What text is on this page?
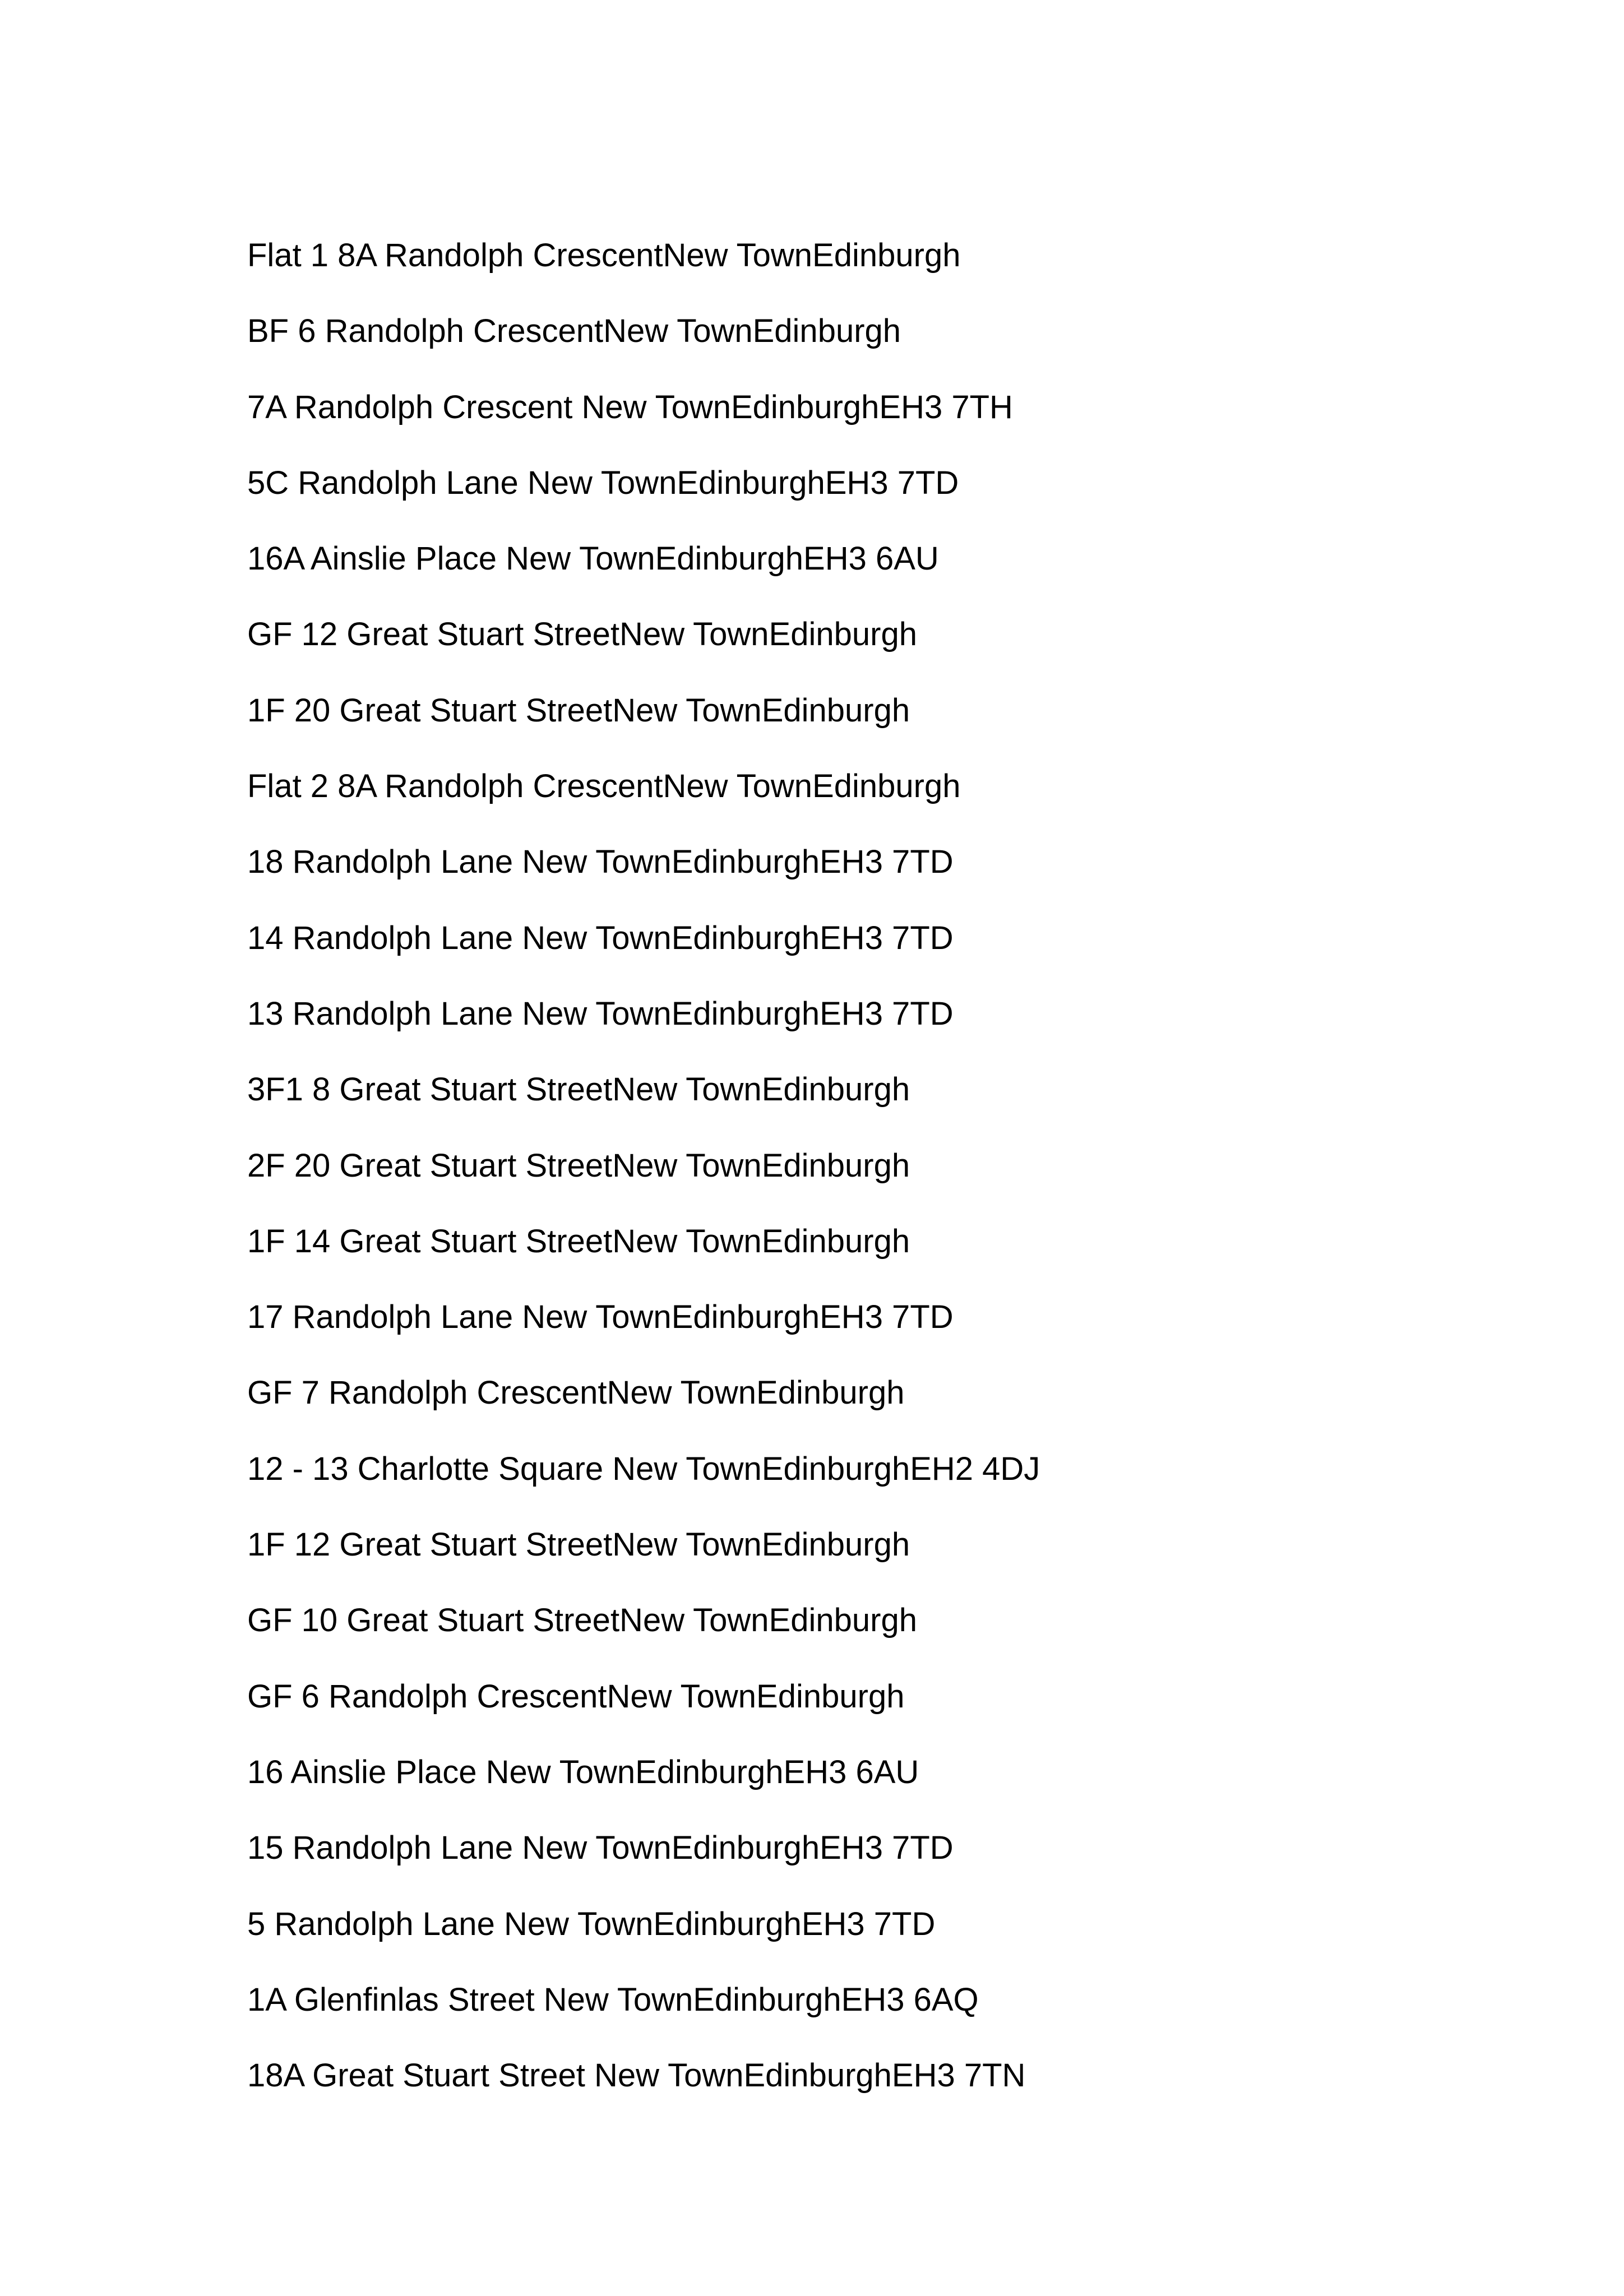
Flat 1 8A Randolph CrescentNew TownEdinburgh
BF 6 Randolph CrescentNew TownEdinburgh
7A Randolph Crescent New TownEdinburghEH3 7TH
5C Randolph Lane New TownEdinburghEH3 7TD
16A Ainslie Place New TownEdinburghEH3 6AU
GF 12 Great Stuart StreetNew TownEdinburgh
1F 20 Great Stuart StreetNew TownEdinburgh
Flat 2 8A Randolph CrescentNew TownEdinburgh
18 Randolph Lane New TownEdinburghEH3 7TD
14 Randolph Lane New TownEdinburghEH3 7TD
13 Randolph Lane New TownEdinburghEH3 7TD
3F1 8 Great Stuart StreetNew TownEdinburgh
2F 20 Great Stuart StreetNew TownEdinburgh
1F 14 Great Stuart StreetNew TownEdinburgh
17 Randolph Lane New TownEdinburghEH3 7TD
GF 7 Randolph CrescentNew TownEdinburgh
12 - 13 Charlotte Square New TownEdinburghEH2 4DJ
1F 12 Great Stuart StreetNew TownEdinburgh
GF 10 Great Stuart StreetNew TownEdinburgh
GF 6 Randolph CrescentNew TownEdinburgh
16 Ainslie Place New TownEdinburghEH3 6AU
15 Randolph Lane New TownEdinburghEH3 7TD
5 Randolph Lane New TownEdinburghEH3 7TD
1A Glenfinlas Street New TownEdinburghEH3 6AQ
18A Great Stuart Street New TownEdinburghEH3 7TN
